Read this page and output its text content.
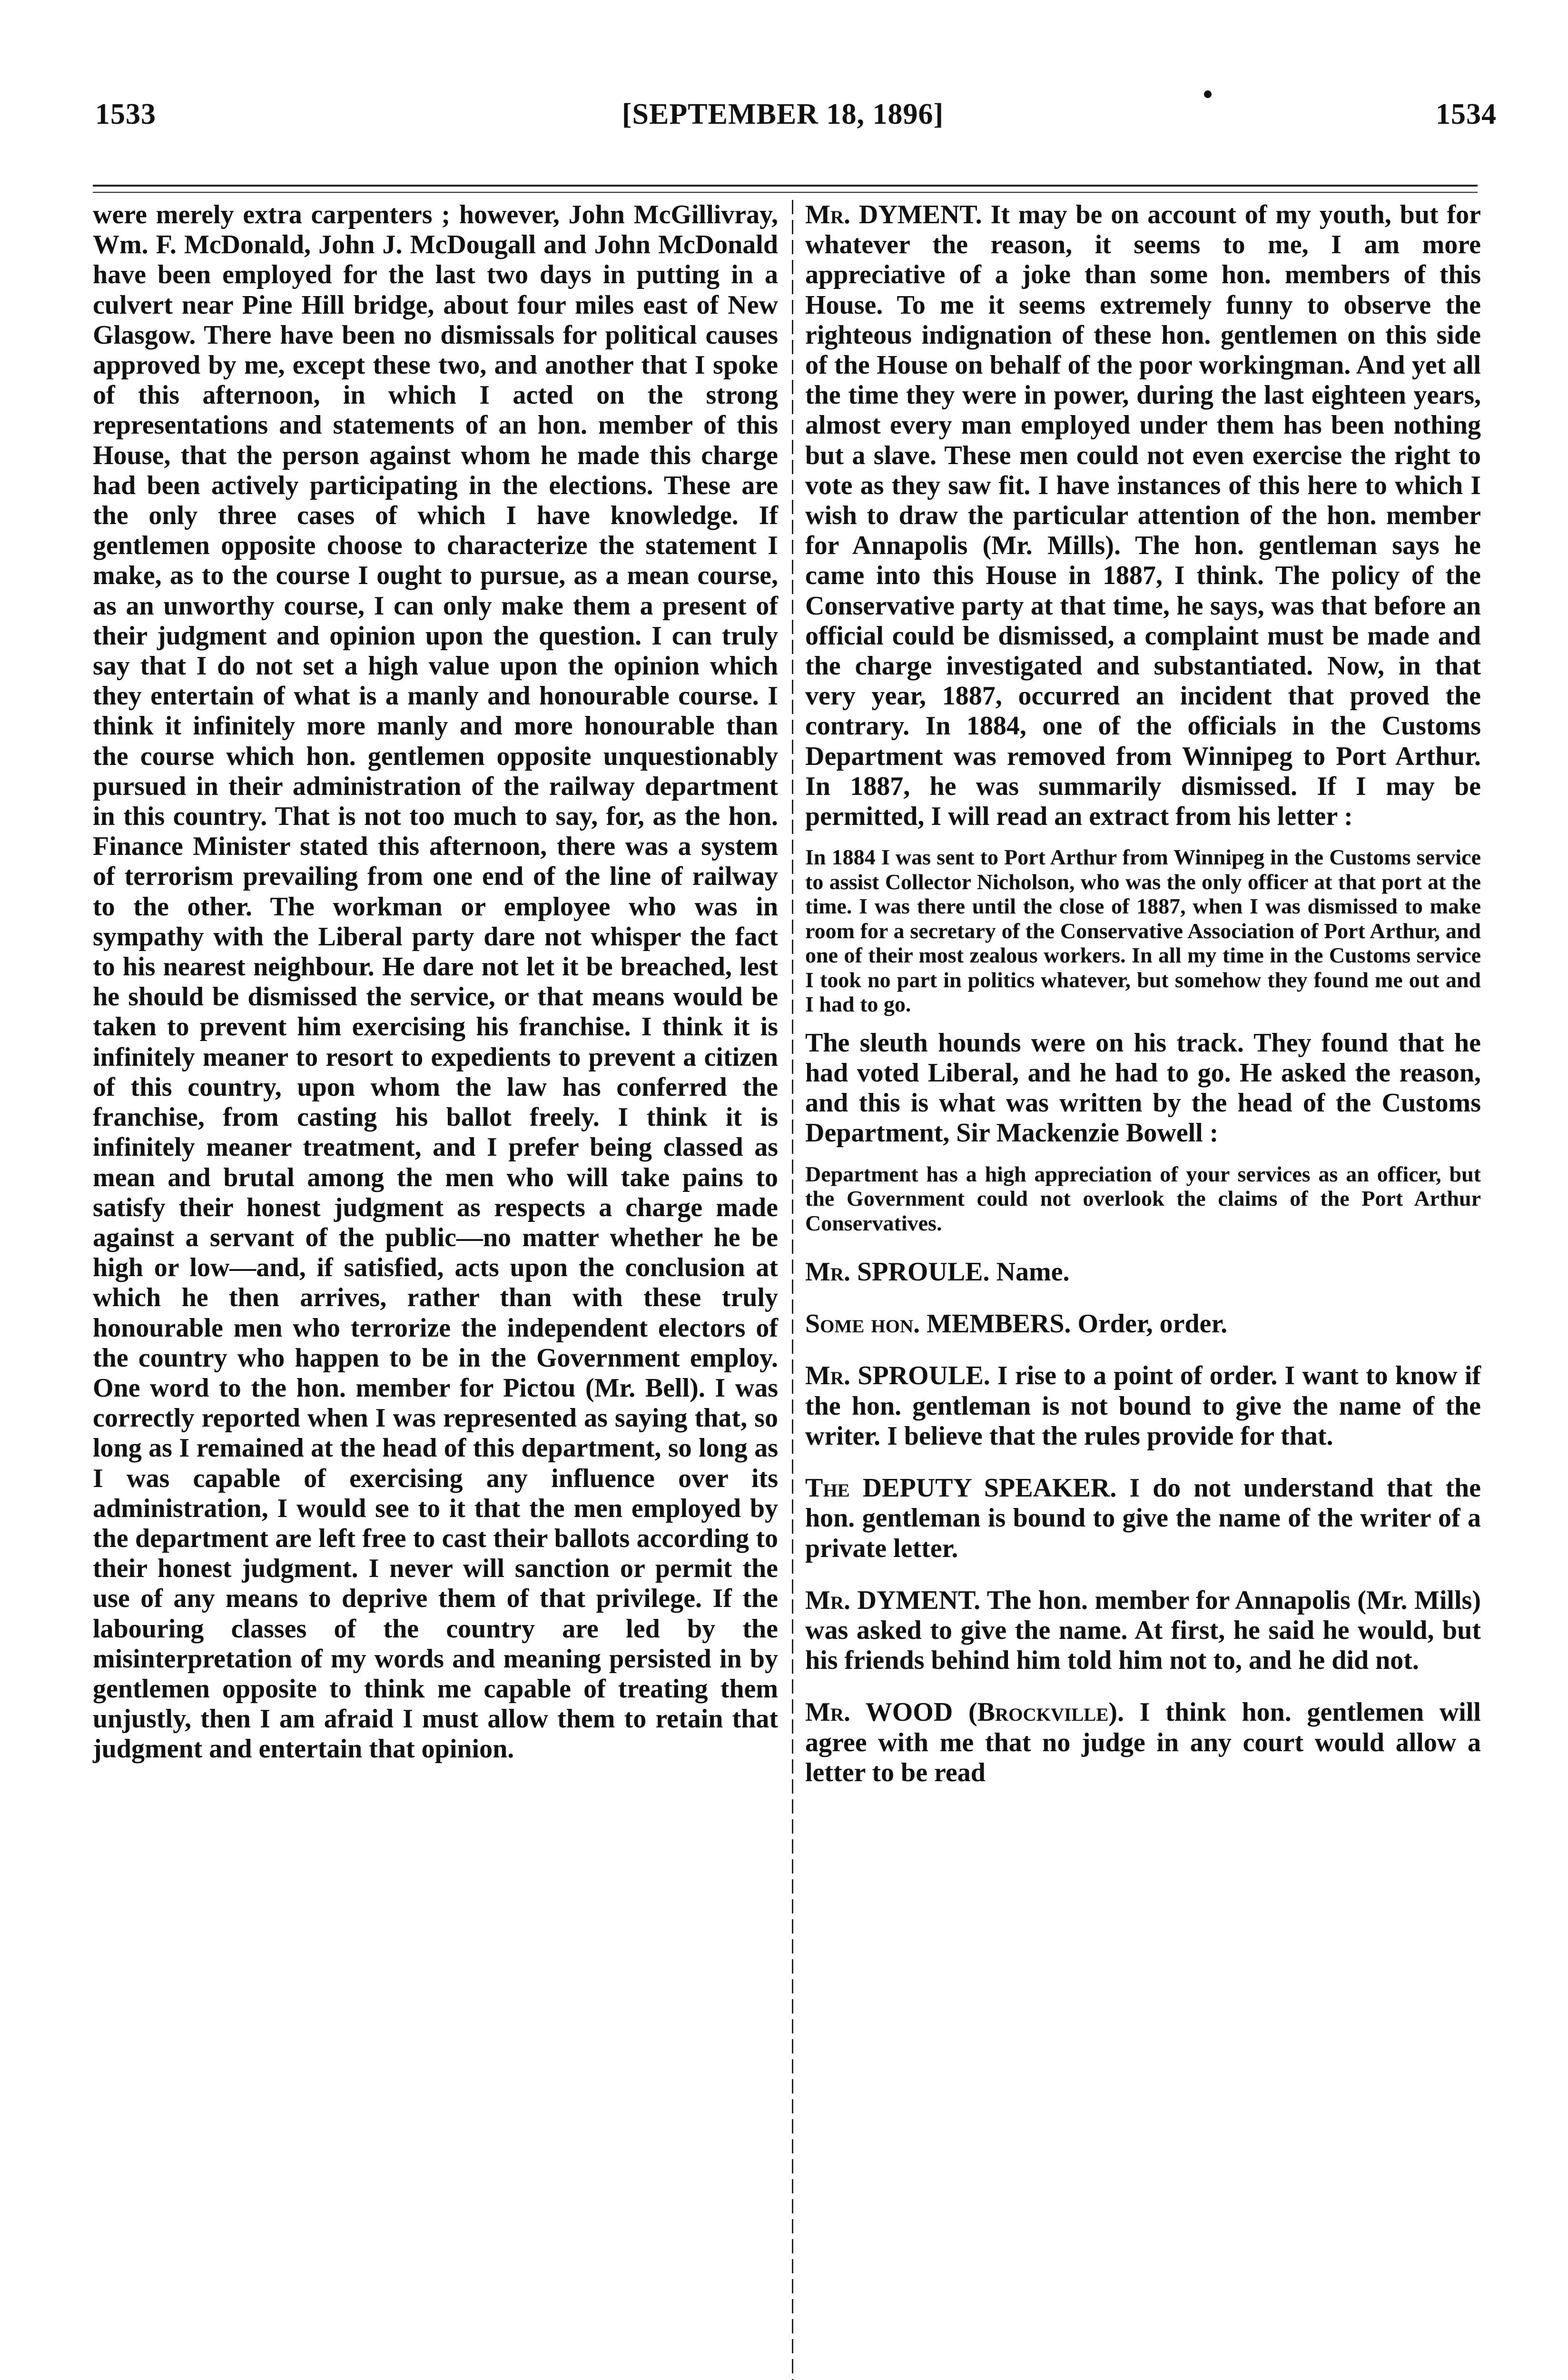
1533	[SEPTEMBER 18, 1896]	1534

were merely extra carpenters ; however, John McGillivray, Wm. F. McDonald, John J. McDougall and John McDonald have been employed for the last two days in putting in a culvert near Pine Hill bridge, about four miles east of New Glasgow. There have been no dismissals for political causes approved by me, except these two, and another that I spoke of this afternoon, in which I acted on the strong representations and statements of an hon. member of this House, that the person against whom he made this charge had been actively participating in the elections. These are the only three cases of which I have knowledge. If gentlemen opposite choose to characterize the statement I make, as to the course I ought to pursue, as a mean course, as an unworthy course, I can only make them a present of their judgment and opinion upon the question. I can truly say that I do not set a high value upon the opinion which they entertain of what is a manly and honourable course. I think it infinitely more manly and more honourable than the course which hon. gentlemen opposite unquestionably pursued in their administration of the railway department in this country. That is not too much to say, for, as the hon. Finance Minister stated this afternoon, there was a system of terrorism prevailing from one end of the line of railway to the other. The workman or employee who was in sympathy with the Liberal party dare not whisper the fact to his nearest neighbour. He dare not let it be breached, lest he should be dismissed the service, or that means would be taken to prevent him exercising his franchise. I think it is infinitely meaner to resort to expedients to prevent a citizen of this country, upon whom the law has conferred the franchise, from casting his ballot freely. I think it is infinitely meaner treatment, and I prefer being classed as mean and brutal among the men who will take pains to satisfy their honest judgment as respects a charge made against a servant of the public—no matter whether he be high or low—and, if satisfied, acts upon the conclusion at which he then arrives, rather than with these truly honourable men who terrorize the independent electors of the country who happen to be in the Government employ. One word to the hon. member for Pictou (Mr. Bell). I was correctly reported when I was represented as saying that, so long as I remained at the head of this department, so long as I was capable of exercising any influence over its administration, I would see to it that the men employed by the department are left free to cast their ballots according to their honest judgment. I never will sanction or permit the use of any means to deprive them of that privilege. If the labouring classes of the country are led by the misinterpretation of my words and meaning persisted in by gentlemen opposite to think me capable of treating them unjustly, then I am afraid I must allow them to retain that judgment and entertain that opinion.

Mr. DYMENT. It may be on account of my youth, but for whatever the reason, it seems to me, I am more appreciative of a joke than some hon. members of this House. To me it seems extremely funny to observe the righteous indignation of these hon. gentlemen on this side of the House on behalf of the poor workingman. And yet all the time they were in power, during the last eighteen years, almost every man employed under them has been nothing but a slave. These men could not even exercise the right to vote as they saw fit. I have instances of this here to which I wish to draw the particular attention of the hon. member for Annapolis (Mr. Mills). The hon. gentleman says he came into this House in 1887, I think. The policy of the Conservative party at that time, he says, was that before an official could be dismissed, a complaint must be made and the charge investigated and substantiated. Now, in that very year, 1887, occurred an incident that proved the contrary. In 1884, one of the officials in the Customs Department was removed from Winnipeg to Port Arthur. In 1887, he was summarily dismissed. If I may be permitted, I will read an extract from his letter :

In 1884 I was sent to Port Arthur from Winnipeg in the Customs service to assist Collector Nicholson, who was the only officer at that port at the time. I was there until the close of 1887, when I was dismissed to make room for a secretary of the Conservative Association of Port Arthur, and one of their most zealous workers. In all my time in the Customs service I took no part in politics whatever, but somehow they found me out and I had to go.

The sleuth hounds were on his track. They found that he had voted Liberal, and he had to go. He asked the reason, and this is what was written by the head of the Customs Department, Sir Mackenzie Bowell :

Department has a high appreciation of your services as an officer, but the Government could not overlook the claims of the Port Arthur Conservatives.

Mr. SPROULE. Name.

Some hon. MEMBERS. Order, order.

Mr. SPROULE. I rise to a point of order. I want to know if the hon. gentleman is not bound to give the name of the writer. I believe that the rules provide for that.

The DEPUTY SPEAKER. I do not understand that the hon. gentleman is bound to give the name of the writer of a private letter.

Mr. DYMENT. The hon. member for Annapolis (Mr. Mills) was asked to give the name. At first, he said he would, but his friends behind him told him not to, and he did not.

Mr. WOOD (Brockville). I think hon. gentlemen will agree with me that no judge in any court would allow a letter to be read
